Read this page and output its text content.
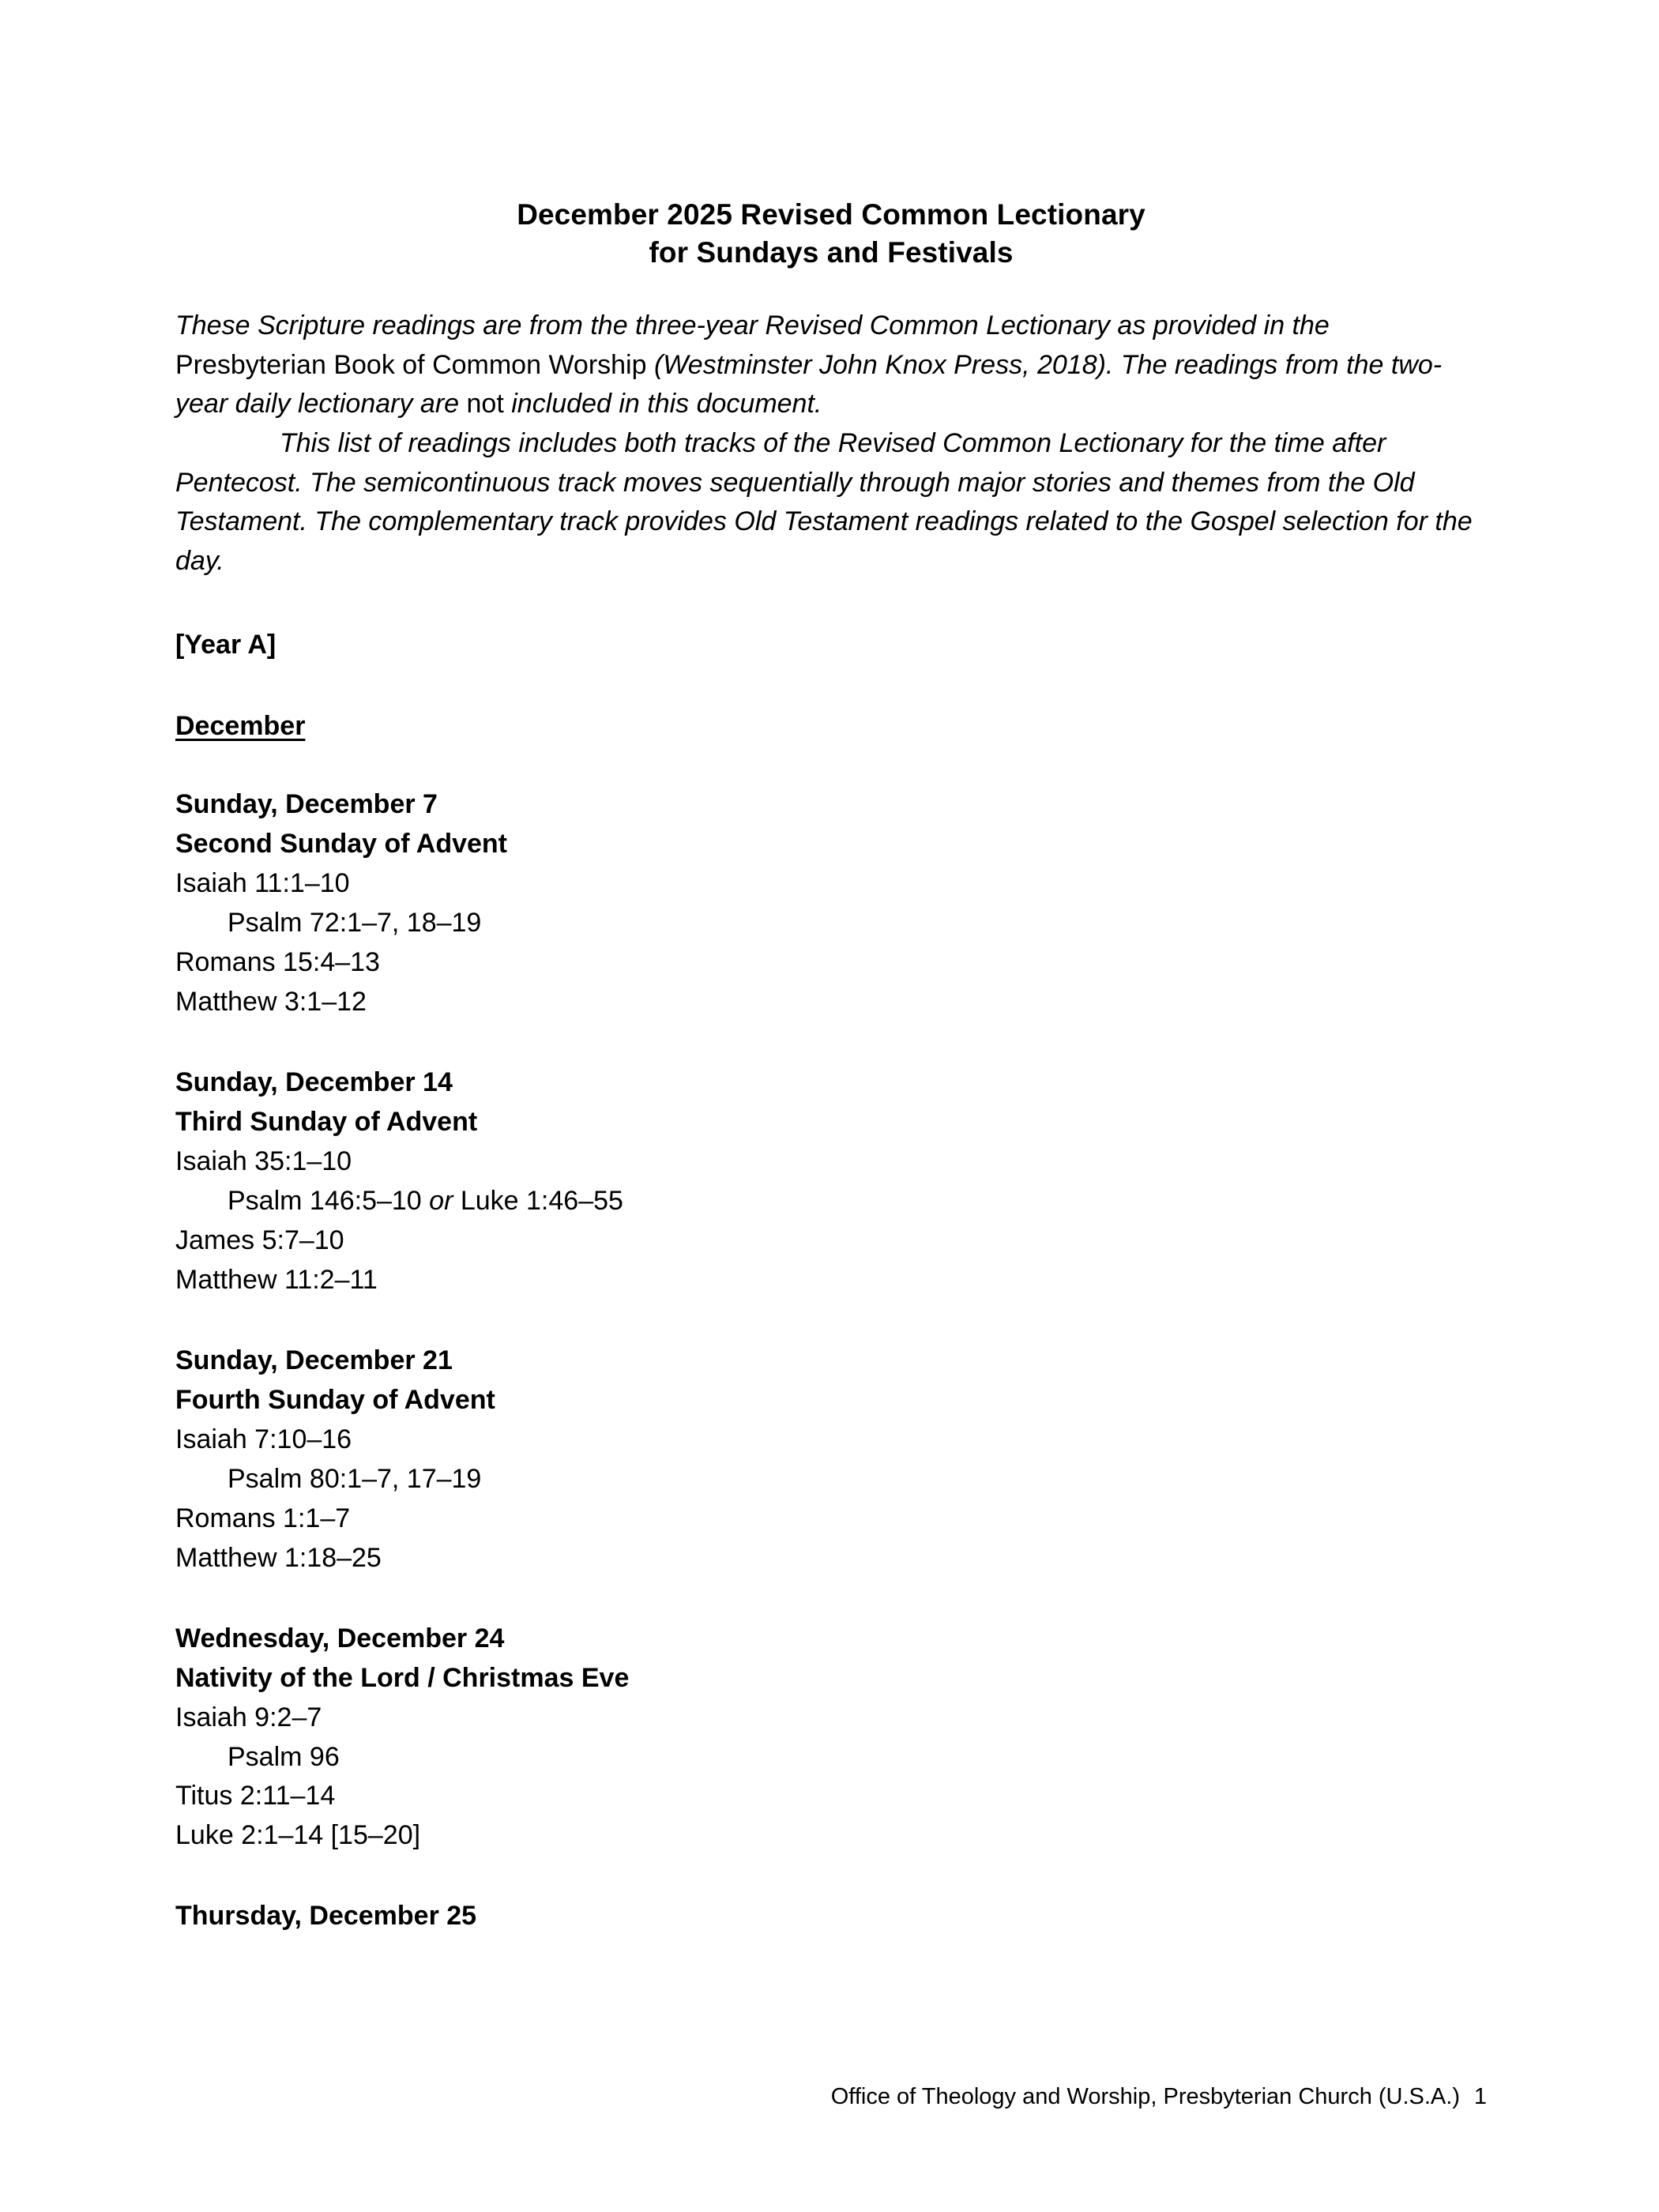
December 2025 Revised Common Lectionary
for Sundays and Festivals

These Scripture readings are from the three-year Revised Common Lectionary as provided in the Presbyterian Book of Common Worship (Westminster John Knox Press, 2018). The readings from the two-year daily lectionary are not included in this document.

This list of readings includes both tracks of the Revised Common Lectionary for the time after Pentecost. The semicontinuous track moves sequentially through major stories and themes from the Old Testament. The complementary track provides Old Testament readings related to the Gospel selection for the day.

[Year A]
December
Sunday, December 7
Second Sunday of Advent
Isaiah 11:1–10
Psalm 72:1–7, 18–19
Romans 15:4–13
Matthew 3:1–12
Sunday, December 14
Third Sunday of Advent
Isaiah 35:1–10
Psalm 146:5–10 or Luke 1:46–55
James 5:7–10
Matthew 11:2–11
Sunday, December 21
Fourth Sunday of Advent
Isaiah 7:10–16
Psalm 80:1–7, 17–19
Romans 1:1–7
Matthew 1:18–25
Wednesday, December 24
Nativity of the Lord / Christmas Eve
Isaiah 9:2–7
Psalm 96
Titus 2:11–14
Luke 2:1–14 [15–20]
Thursday, December 25
Office of Theology and Worship, Presbyterian Church (U.S.A.) 1
